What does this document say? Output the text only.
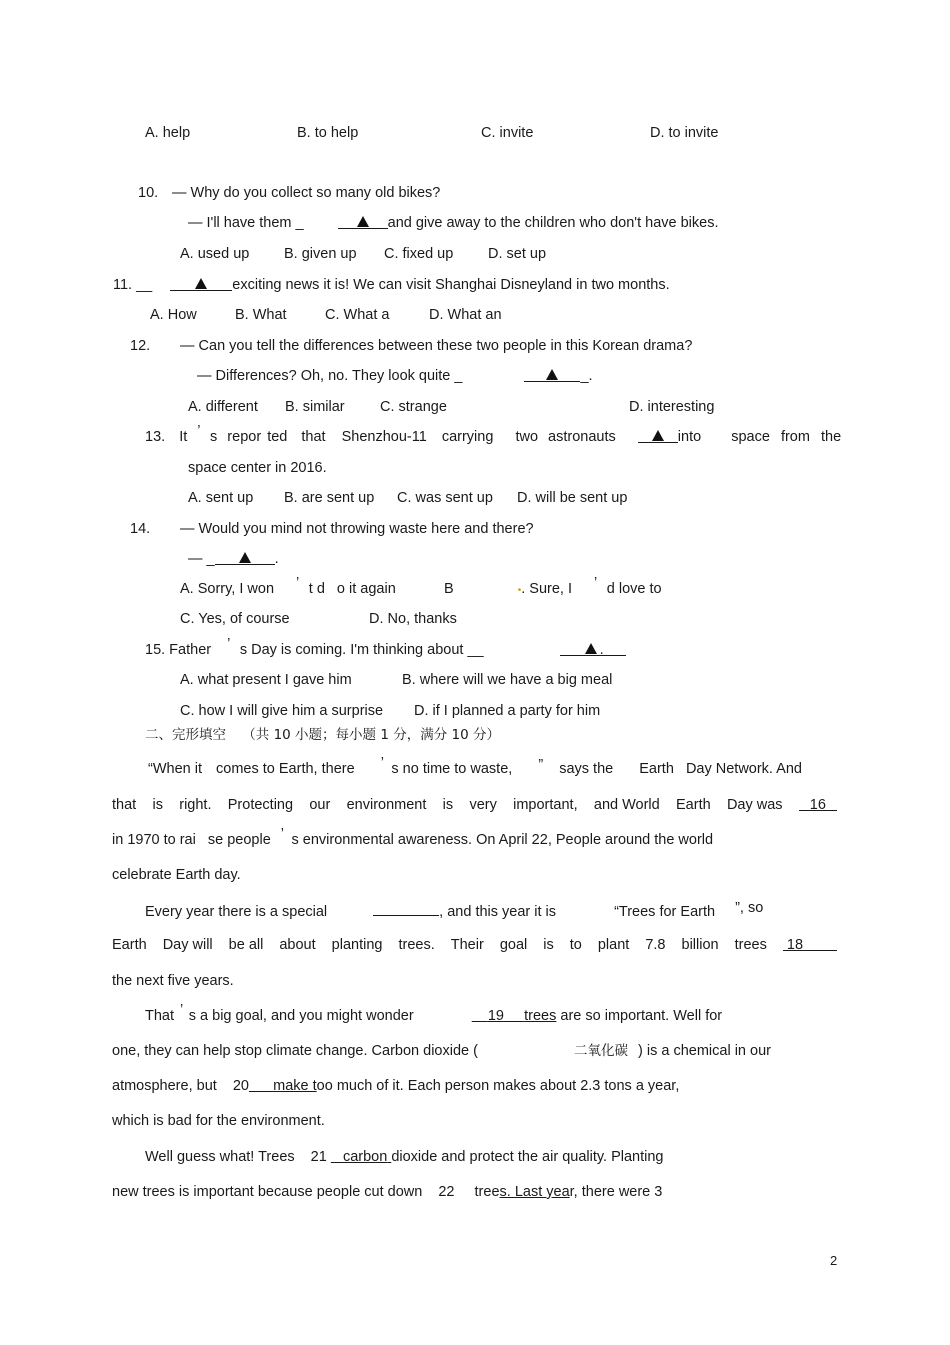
A. help	B. to help	C. invite	D. to invite
10. — Why do you collect so many old bikes?
— I'll have them _	and give away to the children who don't have bikes.
A. used up B. given up C. fixed up D. set up
11. __	exciting news it is! We can visit Shanghai Disneyland in two months.
A. How	B. What	C. What a	D. What an
12. — Can you tell the differences between these two people in this Korean drama?
— Differences? Oh, no. They look quite _	_.
A. different B. similar C. strange	D. interesting
13. It ’ s repor ted that Shenzhou-11 carrying two astronauts	into space from the
space center in 2016.
A. sent up B. are sent up C. was sent up D. will be sent up
14. — Would you mind not throwing waste here and there?
— _	.
A. Sorry, I won ’ t d o it again	B	•. Sure, I ’ d love to
C. Yes, of course	D. No, thanks
15. Father ’ s Day is coming. I'm thinking about __	.
A. what present I gave him	B. where will we have a big meal
C. how I will give him a surprise D. if I planned a party for him
二、完形填空 （共 10 小题；每小题 1 分，满分 10 分）
“When it comes to Earth, there ’ s no time to waste, ” says the Earth Day Network. And
that is right. Protecting our environment is very important, and World Earth Day was	16
in 1970 to rai se people ’ s environmental awareness. On April 22, People around the world
celebrate Earth day.
Every year there is a special	, and this year it is	“Trees for Earth ”, so
Earth Day will be all about planting trees. Their goal is to plant 7.8 billion trees 18
the next five years.
That ’ s a big goal, and you might wonder	19 trees are so important. Well for
one, they can help stop climate change. Carbon dioxide (	二氧化碳 ) is a chemical in our
atmosphere, but 20 make too much of it. Each person makes about 2.3 tons a year,
which is bad for the environment.
Well guess what! Trees 21 carbon dioxide and protect the air quality. Planting
new trees is important because people cut down 22 trees. Last year, there were 3
2
